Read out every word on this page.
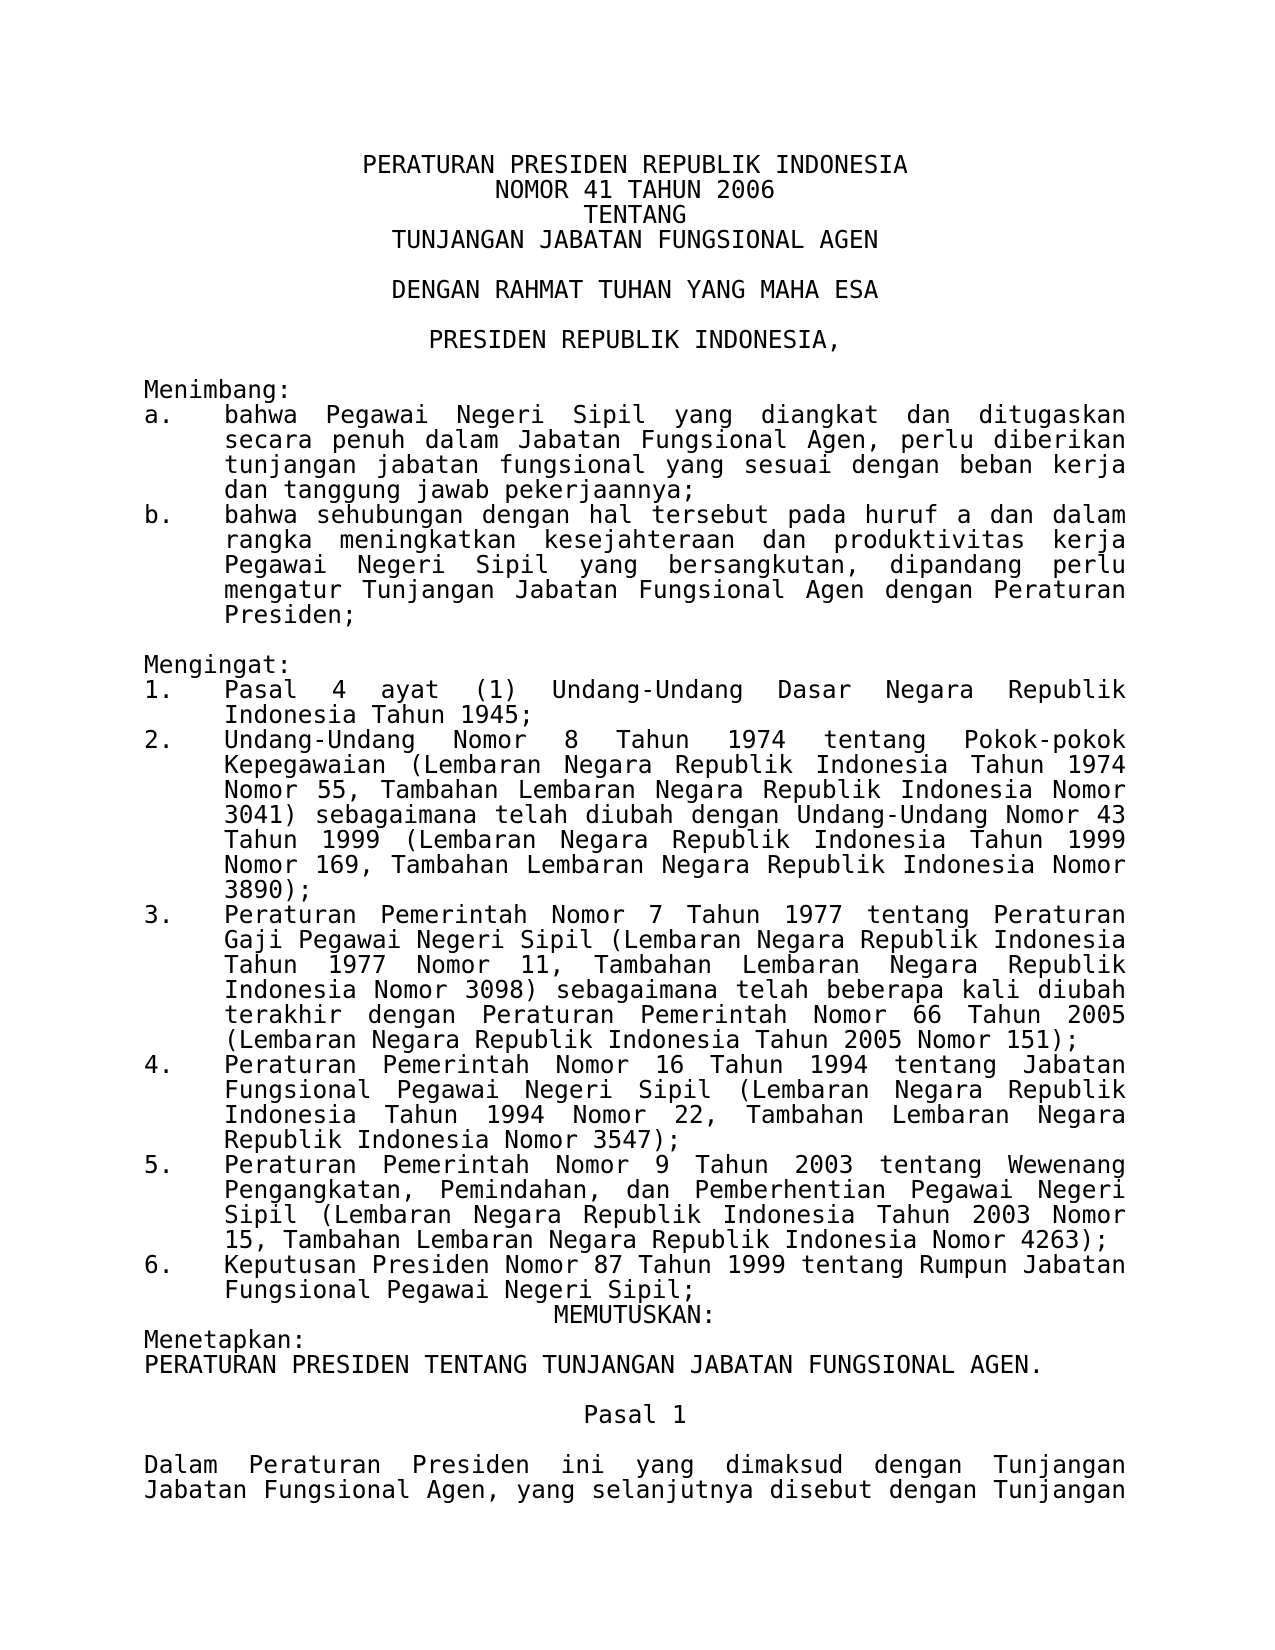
PERATURAN PRESIDEN REPUBLIK INDONESIA
NOMOR 41 TAHUN 2006
TENTANG
TUNJANGAN JABATAN FUNGSIONAL AGEN
DENGAN RAHMAT TUHAN YANG MAHA ESA
PRESIDEN REPUBLIK INDONESIA,
Menimbang:
a. bahwa Pegawai Negeri Sipil yang diangkat dan ditugaskan
secara penuh dalam Jabatan Fungsional Agen, perlu diberikan
tunjangan jabatan fungsional yang sesuai dengan beban kerja
dan tanggung jawab pekerjaannya;
b. bahwa sehubungan dengan hal tersebut pada huruf a dan dalam
rangka meningkatkan kesejahteraan dan produktivitas kerja
Pegawai Negeri Sipil yang bersangkutan, dipandang perlu
mengatur Tunjangan Jabatan Fungsional Agen dengan Peraturan
Presiden;
Mengingat:
1. Pasal 4 ayat (1) Undang-Undang Dasar Negara Republik
Indonesia Tahun 1945;
2. Undang-Undang Nomor 8 Tahun 1974 tentang Pokok-pokok
Kepegawaian (Lembaran Negara Republik Indonesia Tahun 1974
Nomor 55, Tambahan Lembaran Negara Republik Indonesia Nomor
3041) sebagaimana telah diubah dengan Undang-Undang Nomor 43
Tahun 1999 (Lembaran Negara Republik Indonesia Tahun 1999
Nomor 169, Tambahan Lembaran Negara Republik Indonesia Nomor
3890);
3. Peraturan Pemerintah Nomor 7 Tahun 1977 tentang Peraturan
Gaji Pegawai Negeri Sipil (Lembaran Negara Republik Indonesia
Tahun 1977 Nomor 11, Tambahan Lembaran Negara Republik
Indonesia Nomor 3098) sebagaimana telah beberapa kali diubah
terakhir dengan Peraturan Pemerintah Nomor 66 Tahun 2005
(Lembaran Negara Republik Indonesia Tahun 2005 Nomor 151);
4. Peraturan Pemerintah Nomor 16 Tahun 1994 tentang Jabatan
Fungsional Pegawai Negeri Sipil (Lembaran Negara Republik
Indonesia Tahun 1994 Nomor 22, Tambahan Lembaran Negara
Republik Indonesia Nomor 3547);
5. Peraturan Pemerintah Nomor 9 Tahun 2003 tentang Wewenang
Pengangkatan, Pemindahan, dan Pemberhentian Pegawai Negeri
Sipil (Lembaran Negara Republik Indonesia Tahun 2003 Nomor
15, Tambahan Lembaran Negara Republik Indonesia Nomor 4263);
6. Keputusan Presiden Nomor 87 Tahun 1999 tentang Rumpun Jabatan
Fungsional Pegawai Negeri Sipil;
MEMUTUSKAN:
Menetapkan:
PERATURAN PRESIDEN TENTANG TUNJANGAN JABATAN FUNGSIONAL AGEN.
Pasal 1
Dalam Peraturan Presiden ini yang dimaksud dengan Tunjangan
Jabatan Fungsional Agen, yang selanjutnya disebut dengan Tunjangan
